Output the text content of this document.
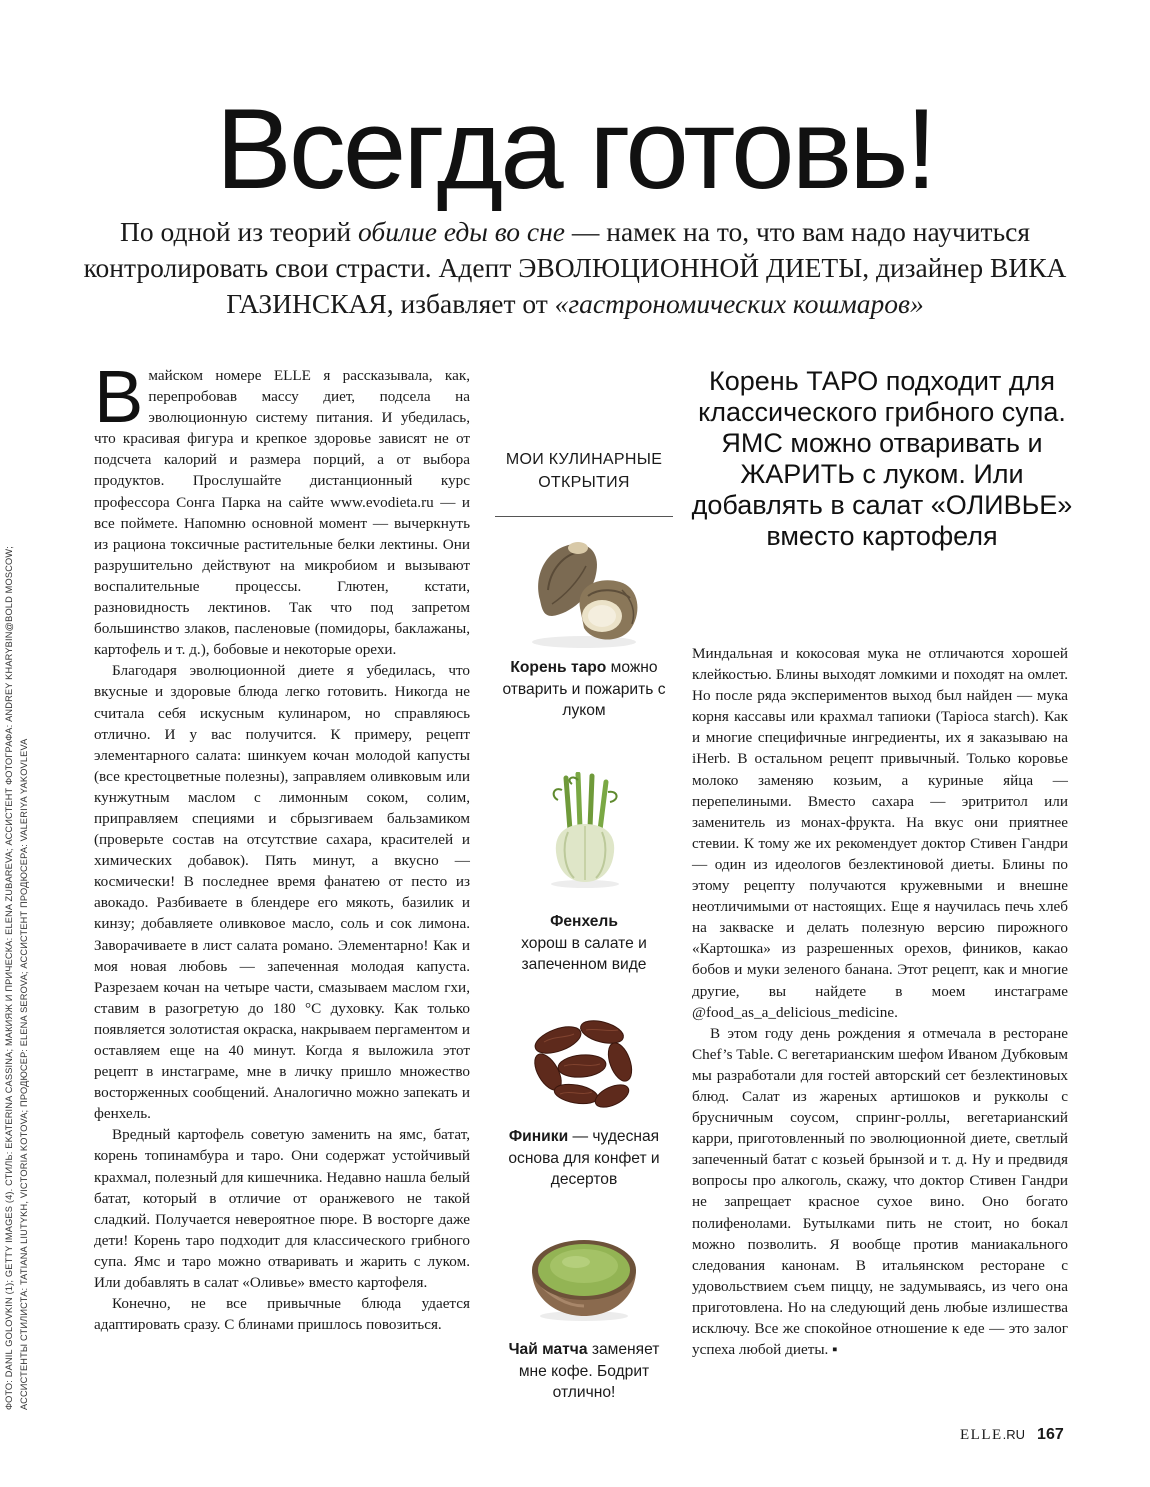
ФОТО: DANIL GOLOVKIN (1); GETTY IMAGES (4). СТИЛЬ: EKATERINA CASSINA; МАКИЯЖ И ПРИЧЕСКА: ELENA ZUBAREVA; АССИСТЕНТ ФОТОГРАФА: ANDREY KHARYBIN@BOLD MOSCOW; АССИСТЕНТЫ СТИЛИСТА: TATIANA LIUTYKH, VICTORIA KOTOVA; ПРОДЮСЕР: ELENA SEROVA; АССИСТЕНТ ПРОДЮСЕРА: VALERIYA YAKOVLEVA
Всегда готовь!

По одной из теорий обилие еды во сне — намек на то, что вам надо научиться контролировать свои страсти. Адепт ЭВОЛЮЦИОННОЙ ДИЕТЫ, дизайнер ВИКА ГАЗИНСКАЯ, избавляет от «гастрономических кошмаров»

В майском номере ELLE я рассказывала, как, перепробовав массу диет, подсела на эволюционную систему питания. И убедилась, что красивая фигура и крепкое здоровье зависят не от подсчета калорий и размера порций, а от выбора продуктов. Прослушайте дистанционный курс профессора Сонга Парка на сайте www.evodieta.ru — и все поймете. Напомню основной момент — вычеркнуть из рациона токсичные растительные белки лектины. Они разрушительно действуют на микробиом и вызывают воспалительные процессы. Глютен, кстати, разновидность лектинов. Так что под запретом большинство злаков, пасленовые (помидоры, баклажаны, картофель и т. д.), бобовые и некоторые орехи.

Благодаря эволюционной диете я убедилась, что вкусные и здоровые блюда легко готовить. Никогда не считала себя искусным кулинаром, но справляюсь отлично. И у вас получится. К примеру, рецепт элементарного салата: шинкуем кочан молодой капусты (все крестоцветные полезны), заправляем оливковым или кунжутным маслом с лимонным соком, солим, приправляем специями и сбрызгиваем бальзамиком (проверьте состав на отсутствие сахара, красителей и химических добавок). Пять минут, а вкусно — космически! В последнее время фанатею от песто из авокадо. Разбиваете в блендере его мякоть, базилик и кинзу; добавляете оливковое масло, соль и сок лимона. Заворачиваете в лист салата романо. Элементарно! Как и моя новая любовь — запеченная молодая капуста. Разрезаем кочан на четыре части, смазываем маслом гхи, ставим в разогретую до 180 °C духовку. Как только появляется золотистая окраска, накрываем пергаментом и оставляем еще на 40 минут. Когда я выложила этот рецепт в инстаграме, мне в личку пришло множество восторженных сообщений. Аналогично можно запекать и фенхель.

Вредный картофель советую заменить на ямс, батат, корень топинамбура и таро. Они содержат устойчивый крахмал, полезный для кишечника. Недавно нашла белый батат, который в отличие от оранжевого не такой сладкий. Получается невероятное пюре. В восторге даже дети! Корень таро подходит для классического грибного супа. Ямс и таро можно отваривать и жарить с луком. Или добавлять в салат «Оливье» вместо картофеля.

Конечно, не все привычные блюда удается адаптировать сразу. С блинами пришлось повозиться.

МОИ КУЛИНАРНЫЕ ОТКРЫТИЯ
Корень таро можно отварить и пожарить с луком
Фенхель
хорош в салате и запеченном виде
Финики — чудесная основа для конфет и десертов
Чай матча заменяет мне кофе. Бодрит отлично!
Корень ТАРО подходит для классического грибного супа. ЯМС можно отваривать и ЖАРИТЬ с луком. Или добавлять в салат «ОЛИВЬЕ» вместо картофеля

Миндальная и кокосовая мука не отличаются хорошей клейкостью. Блины выходят ломкими и походят на омлет. Но после ряда экспериментов выход был найден — мука корня кассавы или крахмал тапиоки (Tapioca starch). Как и многие специфичные ингредиенты, их я заказываю на iHerb. В остальном рецепт привычный. Только коровье молоко заменяю козьим, а куриные яйца — перепелиными. Вместо сахара — эритритол или заменитель из монах-фрукта. На вкус они приятнее стевии. К тому же их рекомендует доктор Стивен Гандри — один из идеологов безлектиновой диеты. Блины по этому рецепту получаются кружевными и внешне неотличимыми от настоящих. Еще я научилась печь хлеб на закваске и делать полезную версию пирожного «Картошка» из разрешенных орехов, фиников, какао бобов и муки зеленого банана. Этот рецепт, как и многие другие, вы найдете в моем инстаграме @food_as_a_delicious_medicine.

В этом году день рождения я отмечала в ресторане Chef’s Table. С вегетарианским шефом Иваном Дубковым мы разработали для гостей авторский сет безлектиновых блюд. Салат из жареных артишоков и рукколы с брусничным соусом, спринг-роллы, вегетарианский карри, приготовленный по эволюционной диете, светлый запеченный батат с козьей брынзой и т. д. Ну и предвидя вопросы про алкоголь, скажу, что доктор Стивен Гандри не запрещает красное сухое вино. Оно богато полифенолами. Бутылками пить не стоит, но бокал можно позволить. Я вообще против маниакального следования канонам. В итальянском ресторане с удовольствием съем пиццу, не задумываясь, из чего она приготовлена. Но на следующий день любые излишества исключу. Все же спокойное отношение к еде — это залог успеха любой диеты. ▪

ELLE.RU 167
